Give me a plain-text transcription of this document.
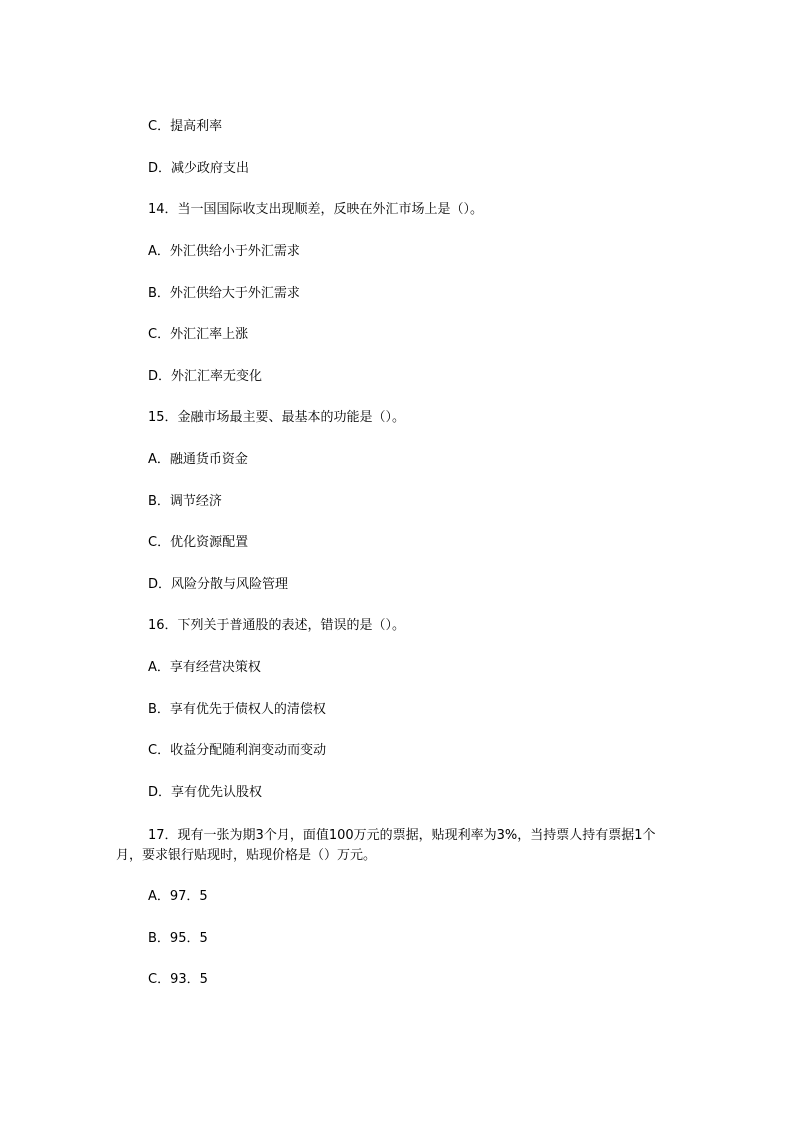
C．提高利率
D．减少政府支出
14．当一国国际收支出现顺差，反映在外汇市场上是（）。
A．外汇供给小于外汇需求
B．外汇供给大于外汇需求
C．外汇汇率上涨
D．外汇汇率无变化
15．金融市场最主要、最基本的功能是（）。
A．融通货币资金
B．调节经济
C．优化资源配置
D．风险分散与风险管理
16．下列关于普通股的表述，错误的是（）。
A．享有经营决策权
B．享有优先于债权人的清偿权
C．收益分配随利润变动而变动
D．享有优先认股权
17．现有一张为期3个月，面值100万元的票据，贴现利率为3%，当持票人持有票据1个月，要求银行贴现时，贴现价格是（）万元。
A．97．5
B．95．5
C．93．5
